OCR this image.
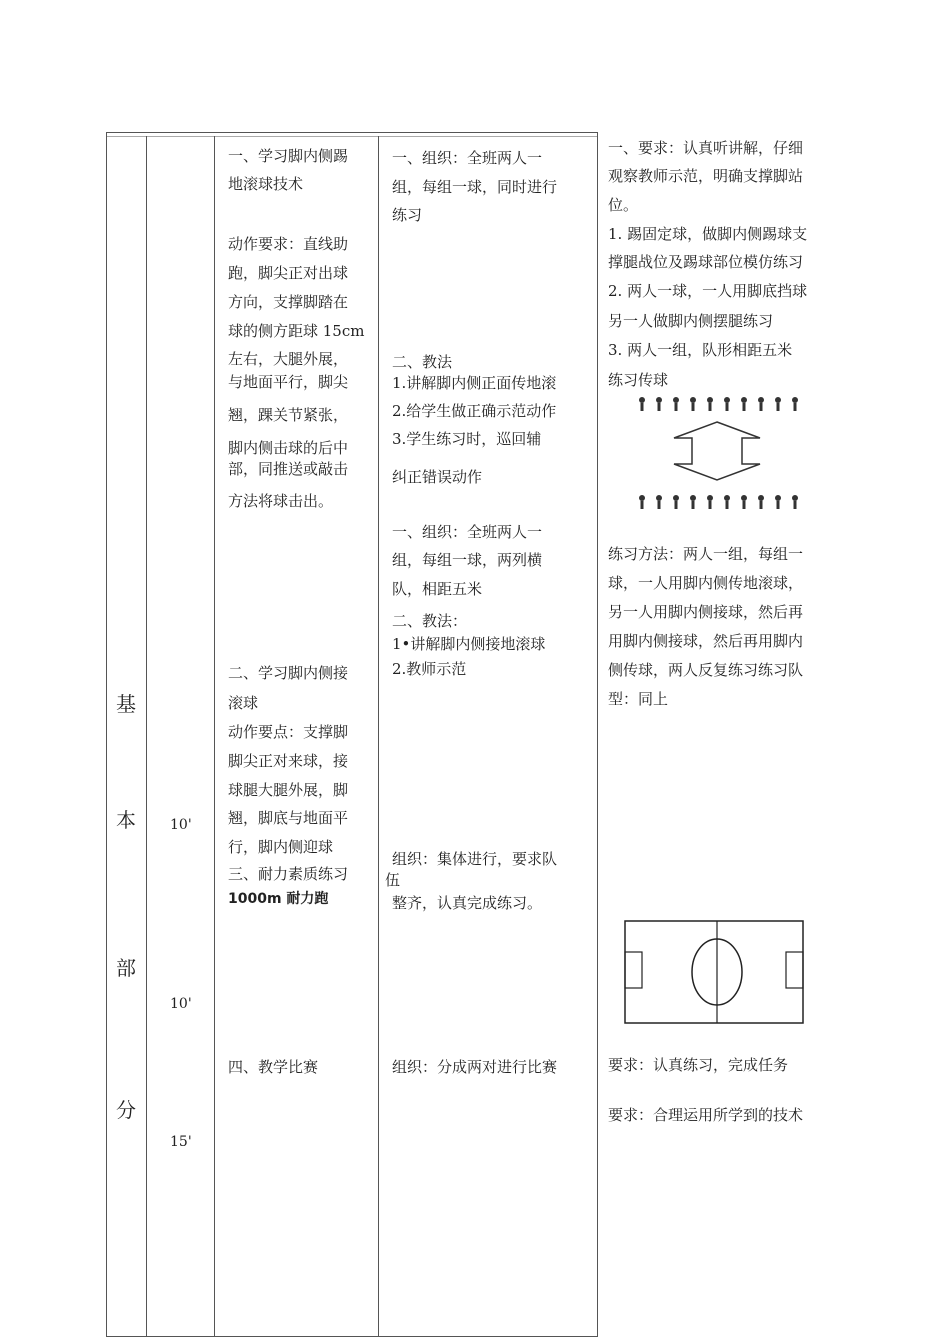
基
本
部
分
10'
10'
15'
一、学习脚内侧踢
地滚球技术
动作要求：直线助
跑，脚尖正对出球
方向，支撑脚踏在
球的侧方距球 15cm
左右，大腿外展，
与地面平行，脚尖
翘，踝关节紧张，
脚内侧击球的后中
部，同推送或敲击
方法将球击出。
二、学习脚内侧接
滚球
动作要点：支撑脚
脚尖正对来球，接
球腿大腿外展，脚
翘，脚底与地面平
行，脚内侧迎球
三、耐力素质练习
1000m 耐力跑
四、教学比赛
一、组织：全班两人一
组，每组一球，同时进行
练习
二、教法
1.讲解脚内侧正面传地滚
2.给学生做正确示范动作
3.学生练习时，巡回辅
纠正错误动作
一、组织：全班两人一
组，每组一球，两列横
队，相距五米
二、教法：
1•讲解脚内侧接地滚球
2.教师示范
组织：集体进行，要求队
伍
整齐，认真完成练习。
组织：分成两对进行比赛
一、要求：认真听讲解，仔细
观察教师示范，明确支撑脚站
位。
1. 踢固定球，做脚内侧踢球支
撑腿战位及踢球部位模仿练习
2. 两人一球，一人用脚底挡球
另一人做脚内侧摆腿练习
3. 两人一组，队形相距五米
练习传球
练习方法：两人一组，每组一
球，一人用脚内侧传地滚球，
另一人用脚内侧接球，然后再
用脚内侧接球，然后再用脚内
侧传球，两人反复练习练习队
型：同上
要求：认真练习，完成任务
要求：合理运用所学到的技术
